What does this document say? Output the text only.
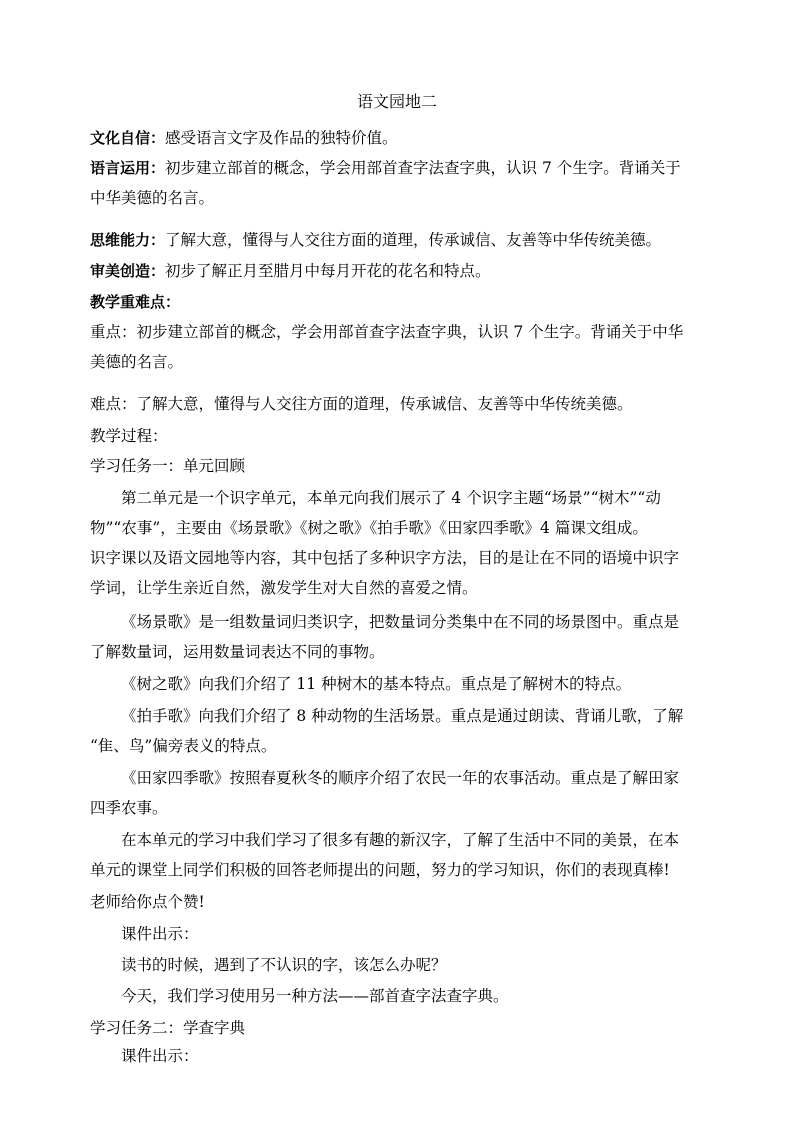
语文园地二
文化自信：感受语言文字及作品的独特价值。
语言运用：初步建立部首的概念，学会用部首查字法查字典，认识 7 个生字。背诵关于
中华美德的名言。
思维能力：了解大意，懂得与人交往方面的道理，传承诚信、友善等中华传统美德。
审美创造：初步了解正月至腊月中每月开花的花名和特点。
教学重难点：
重点：初步建立部首的概念，学会用部首查字法查字典，认识 7 个生字。背诵关于中华
美德的名言。
难点：了解大意，懂得与人交往方面的道理，传承诚信、友善等中华传统美德。
教学过程：
学习任务一：单元回顾
第二单元是一个识字单元，本单元向我们展示了 4 个识字主题“场景”“树木”“动
物”“农事”，主要由《场景歌》《树之歌》《拍手歌》《田家四季歌》4 篇课文组成。
识字课以及语文园地等内容，其中包括了多种识字方法，目的是让在不同的语境中识字
学词，让学生亲近自然，激发学生对大自然的喜爱之情。
《场景歌》是一组数量词归类识字，把数量词分类集中在不同的场景图中。重点是
了解数量词，运用数量词表达不同的事物。
《树之歌》向我们介绍了 11 种树木的基本特点。重点是了解树木的特点。
《拍手歌》向我们介绍了 8 种动物的生活场景。重点是通过朗读、背诵儿歌，了解
“隹、鸟”偏旁表义的特点。
《田家四季歌》按照春夏秋冬的顺序介绍了农民一年的农事活动。重点是了解田家
四季农事。
在本单元的学习中我们学习了很多有趣的新汉字，了解了生活中不同的美景，在本
单元的课堂上同学们积极的回答老师提出的问题，努力的学习知识，你们的表现真棒!
老师给你点个赞!
课件出示：
读书的时候，遇到了不认识的字，该怎么办呢？
今天，我们学习使用另一种方法——部首查字法查字典。
学习任务二：学查字典
课件出示：
